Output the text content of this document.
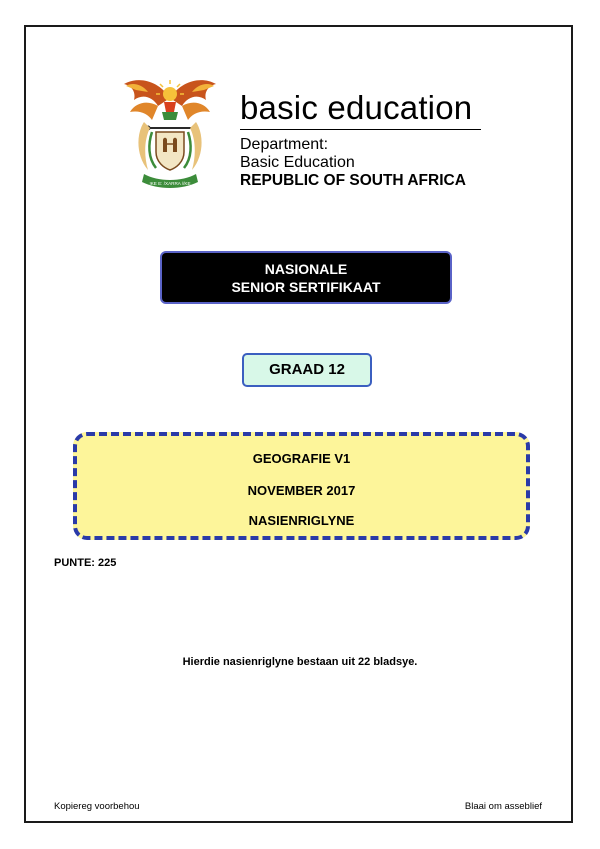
!KE E: /XARRA //KE
basic education
Department:
Basic Education
REPUBLIC OF SOUTH AFRICA
NASIONALE
SENIOR SERTIFIKAAT
GRAAD 12
GEOGRAFIE V1
NOVEMBER 2017
NASIENRIGLYNE
PUNTE: 225
Hierdie nasienriglyne bestaan uit 22 bladsye.
Kopiereg voorbehou	Blaai om asseblief
